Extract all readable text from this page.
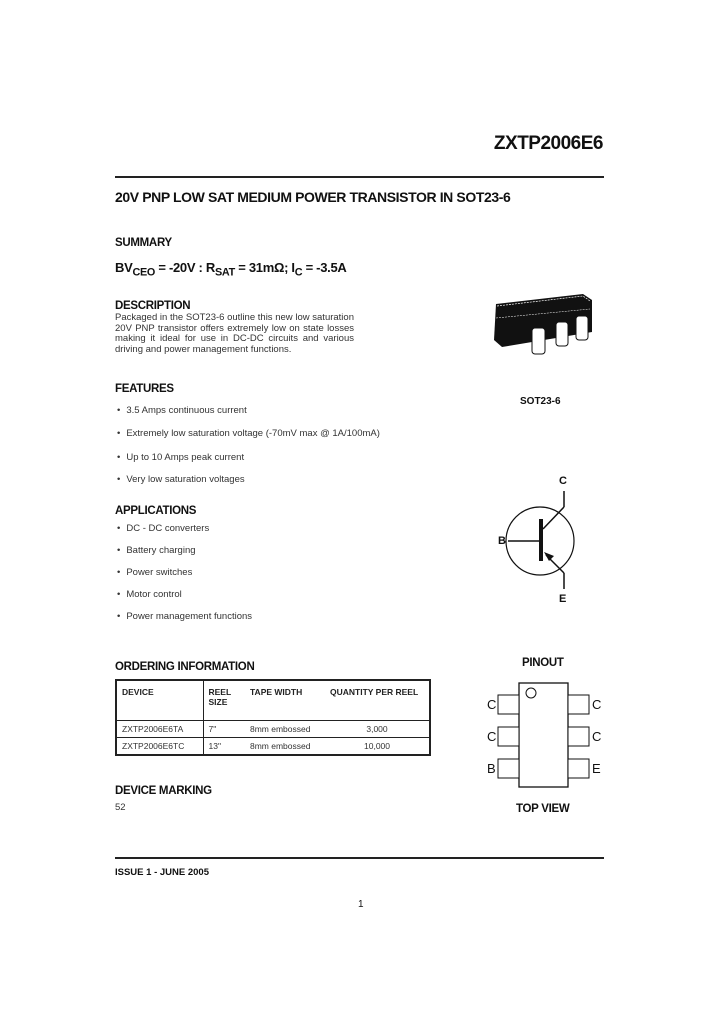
ZXTP2006E6
20V PNP LOW SAT MEDIUM POWER TRANSISTOR IN SOT23-6
SUMMARY
$BV_{CEO} = -20V$ : $R_{SAT} = 31m\Omega$; $I_C = -3.5A$
DESCRIPTION
Packaged in the SOT23-6 outline this new low saturation 20V PNP transistor offers extremely low on state losses making it ideal for use in DC-DC circuits and various driving and power management functions.
SOT23-6
FEATURES
• 3.5 Amps continuous current
• Extremely low saturation voltage (-70mV max @ 1A/100mA)
• Up to 10 Amps peak current
• Very low saturation voltages
APPLICATIONS
• DC - DC converters
• Battery charging
• Power switches
• Motor control
• Power management functions
C
B
E
ORDERING INFORMATION
DEVICE	REEL SIZE	TAPE WIDTH	QUANTITY PER REEL
ZXTP2006E6TA	7"	8mm embossed	3,000
ZXTP2006E6TC	13"	8mm embossed	10,000
DEVICE MARKING
52
PINOUT
C
C
B
C
C
E
TOP VIEW
ISSUE 1 - JUNE 2005
1
